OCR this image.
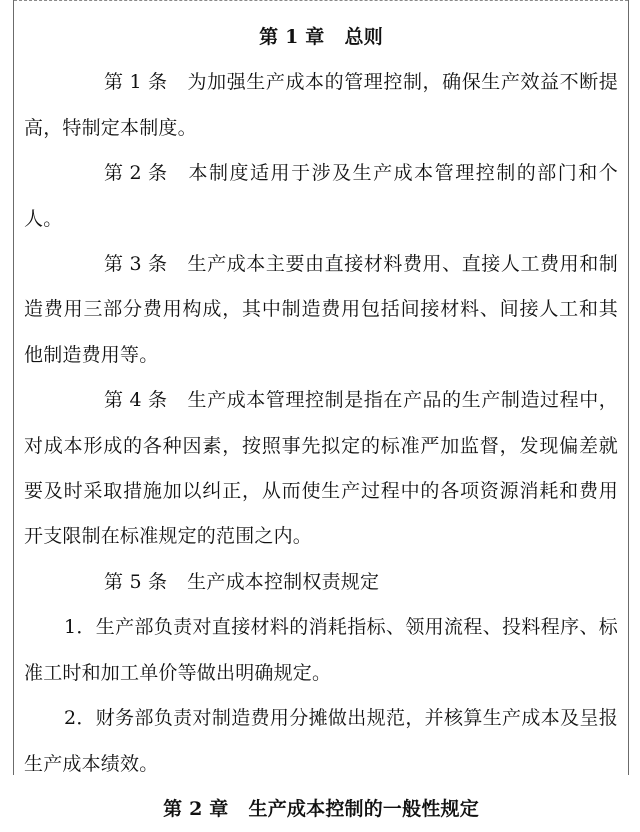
第 1 章 总则

第 1 条 为加强生产成本的管理控制，确保生产效益不断提高，特制定本制度。

第 2 条 本制度适用于涉及生产成本管理控制的部门和个人。

第 3 条 生产成本主要由直接材料费用、直接人工费用和制造费用三部分费用构成，其中制造费用包括间接材料、间接人工和其他制造费用等。

第 4 条 生产成本管理控制是指在产品的生产制造过程中，对成本形成的各种因素，按照事先拟定的标准严加监督，发现偏差就要及时采取措施加以纠正，从而使生产过程中的各项资源消耗和费用开支限制在标准规定的范围之内。

第 5 条 生产成本控制权责规定

1．生产部负责对直接材料的消耗指标、领用流程、投料程序、标准工时和加工单价等做出明确规定。

2．财务部负责对制造费用分摊做出规范，并核算生产成本及呈报生产成本绩效。

第 2 章 生产成本控制的一般性规定
